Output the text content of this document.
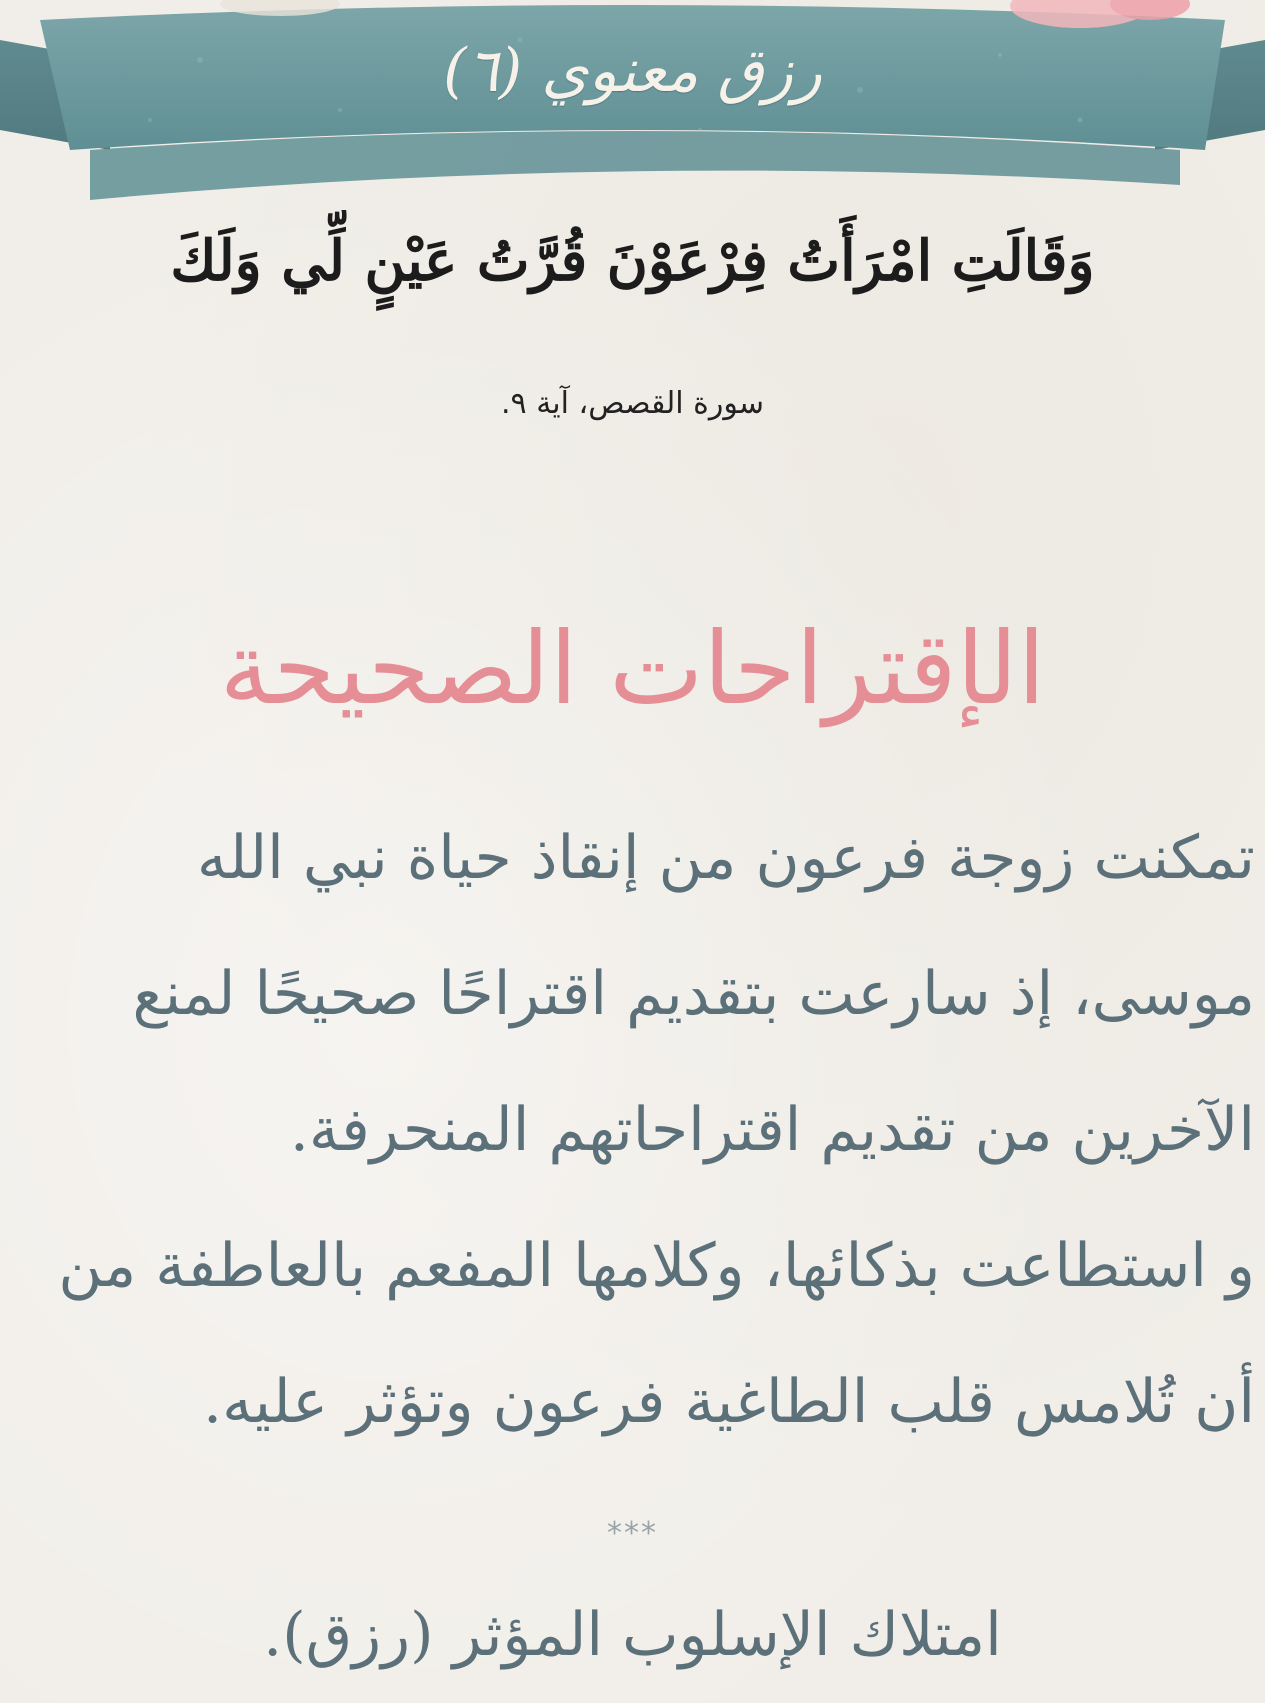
رزق معنوي (٦)
وَقَالَتِ امْرَأَتُ فِرْعَوْنَ قُرَّتُ عَيْنٍ لِّي وَلَكَ
سورة القصص، آية ٩.
الإقتراحات الصحيحة
تمكنت زوجة فرعون من إنقاذ حياة نبي الله
موسى، إذ سارعت بتقديم اقتراحًا صحيحًا لمنع
الآخرين من تقديم اقتراحاتهم المنحرفة.
و استطاعت بذكائها، وكلامها المفعم بالعاطفة من
أن تُلامس قلب الطاغية فرعون وتؤثر عليه.
***
امتلاك الإسلوب المؤثر (رزق).
